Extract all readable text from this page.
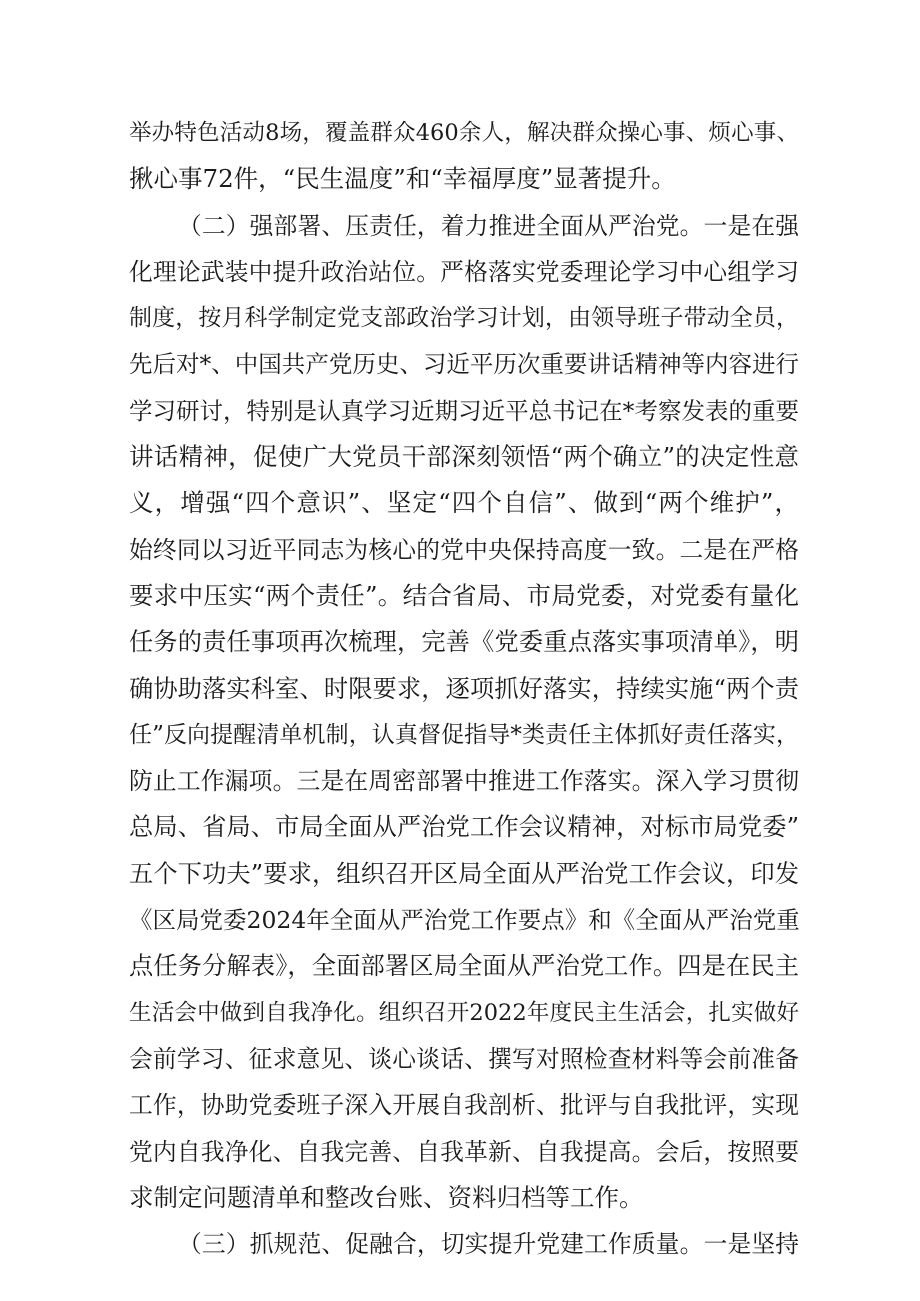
举办特色活动8场，覆盖群众460余人，解决群众操心事、烦心事、
揪心事72件，“民生温度”和“幸福厚度”显著提升。
（二）强部署、压责任，着力推进全面从严治党。一是在强
化理论武装中提升政治站位。严格落实党委理论学习中心组学习
制度，按月科学制定党支部政治学习计划，由领导班子带动全员，
先后对*、中国共产党历史、习近平历次重要讲话精神等内容进行
学习研讨，特别是认真学习近期习近平总书记在*考察发表的重要
讲话精神，促使广大党员干部深刻领悟“两个确立”的决定性意
义，增强“四个意识”、坚定“四个自信”、做到“两个维护”，
始终同以习近平同志为核心的党中央保持高度一致。二是在严格
要求中压实“两个责任”。结合省局、市局党委，对党委有量化
任务的责任事项再次梳理，完善《党委重点落实事项清单》，明
确协助落实科室、时限要求，逐项抓好落实，持续实施“两个责
任”反向提醒清单机制，认真督促指导*类责任主体抓好责任落实，
防止工作漏项。三是在周密部署中推进工作落实。深入学习贯彻
总局、省局、市局全面从严治党工作会议精神，对标市局党委”
五个下功夫”要求，组织召开区局全面从严治党工作会议，印发
《区局党委2024年全面从严治党工作要点》和《全面从严治党重
点任务分解表》，全面部署区局全面从严治党工作。四是在民主
生活会中做到自我净化。组织召开2022年度民主生活会，扎实做好
会前学习、征求意见、谈心谈话、撰写对照检查材料等会前准备
工作，协助党委班子深入开展自我剖析、批评与自我批评，实现
党内自我净化、自我完善、自我革新、自我提高。会后，按照要
求制定问题清单和整改台账、资料归档等工作。
（三）抓规范、促融合，切实提升党建工作质量。一是坚持
